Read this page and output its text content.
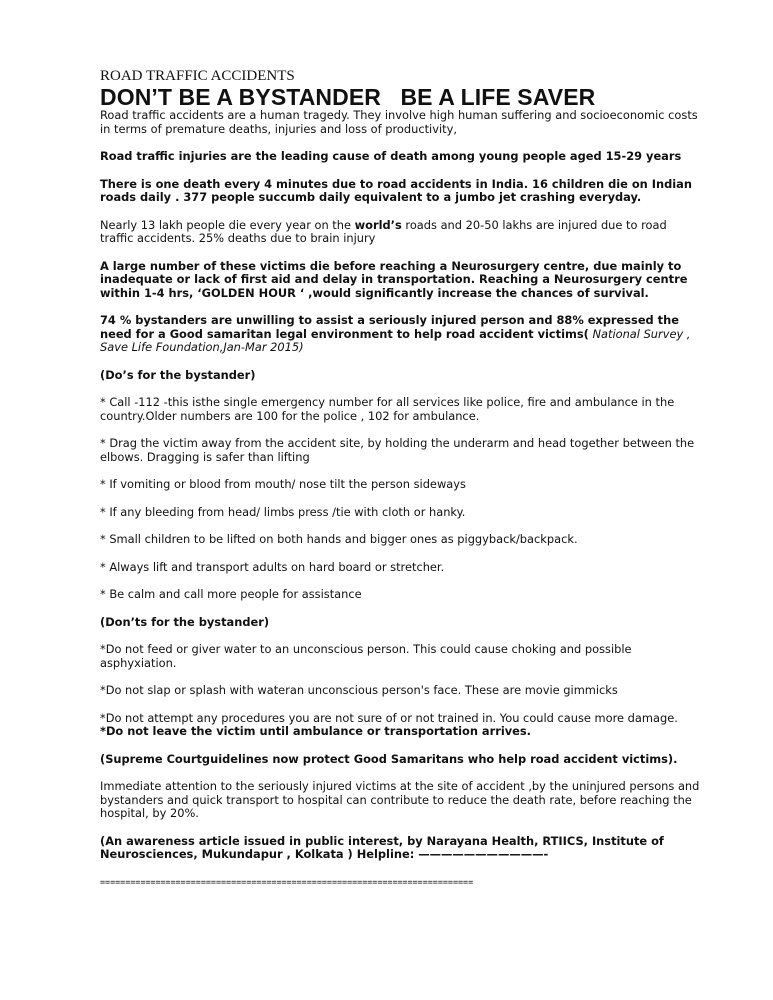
ROAD TRAFFIC ACCIDENTS

DON’T BE A BYSTANDER   BE A LIFE SAVER

Road traffic accidents are a human tragedy. They involve high human suffering and socioeconomic costs in terms of premature deaths, injuries and loss of productivity,

Road traffic injuries are the leading cause of death among young people aged 15-29 years

There is one death every 4 minutes due to road accidents in India. 16 children die on Indian roads daily . 377 people succumb daily equivalent to a jumbo jet crashing everyday.

Nearly 13 lakh people die every year on the world’s roads and 20-50 lakhs are injured due to road traffic accidents. 25% deaths due to brain injury

A large number of these victims die before reaching a Neurosurgery centre, due mainly to inadequate or lack of first aid and delay in transportation. Reaching a Neurosurgery centre within 1-4 hrs, ‘GOLDEN HOUR ‘ ,would significantly increase the chances of survival.

74 % bystanders are unwilling to assist a seriously injured person and 88% expressed the need for a Good samaritan legal environment to help road accident victims( National Survey , Save Life Foundation,Jan-Mar 2015)

(Do’s for the bystander)

* Call -112 -this isthe single emergency number for all services like police, fire and ambulance in the country.Older numbers are 100 for the police , 102 for ambulance.

* Drag the victim away from the accident site, by holding the underarm and head together between the elbows. Dragging is safer than lifting

* If vomiting or blood from mouth/ nose tilt the person sideways

* If any bleeding from head/ limbs press /tie with cloth or hanky.

* Small children to be lifted on both hands and bigger ones as piggyback/backpack.

* Always lift and transport adults on hard board or stretcher.

* Be calm and call more people for assistance

(Don’ts for the bystander)

*Do not feed or giver water to an unconscious person. This could cause choking and possible asphyxiation.

*Do not slap or splash with wateran unconscious person's face. These are movie gimmicks

*Do not attempt any procedures you are not sure of or not trained in. You could cause more damage.

*Do not leave the victim until ambulance or transportation arrives.

(Supreme Courtguidelines now protect Good Samaritans who help road accident victims).

Immediate attention to the seriously injured victims at the site of accident ,by the uninjured persons and bystanders and quick transport to hospital can contribute to reduce the death rate, before reaching the hospital, by 20%.

(An awareness article issued in public interest, by Narayana Health, RTIICS, Institute of Neurosciences, Mukundapur , Kolkata ) Helpline: ———————————-

==========================================================================
